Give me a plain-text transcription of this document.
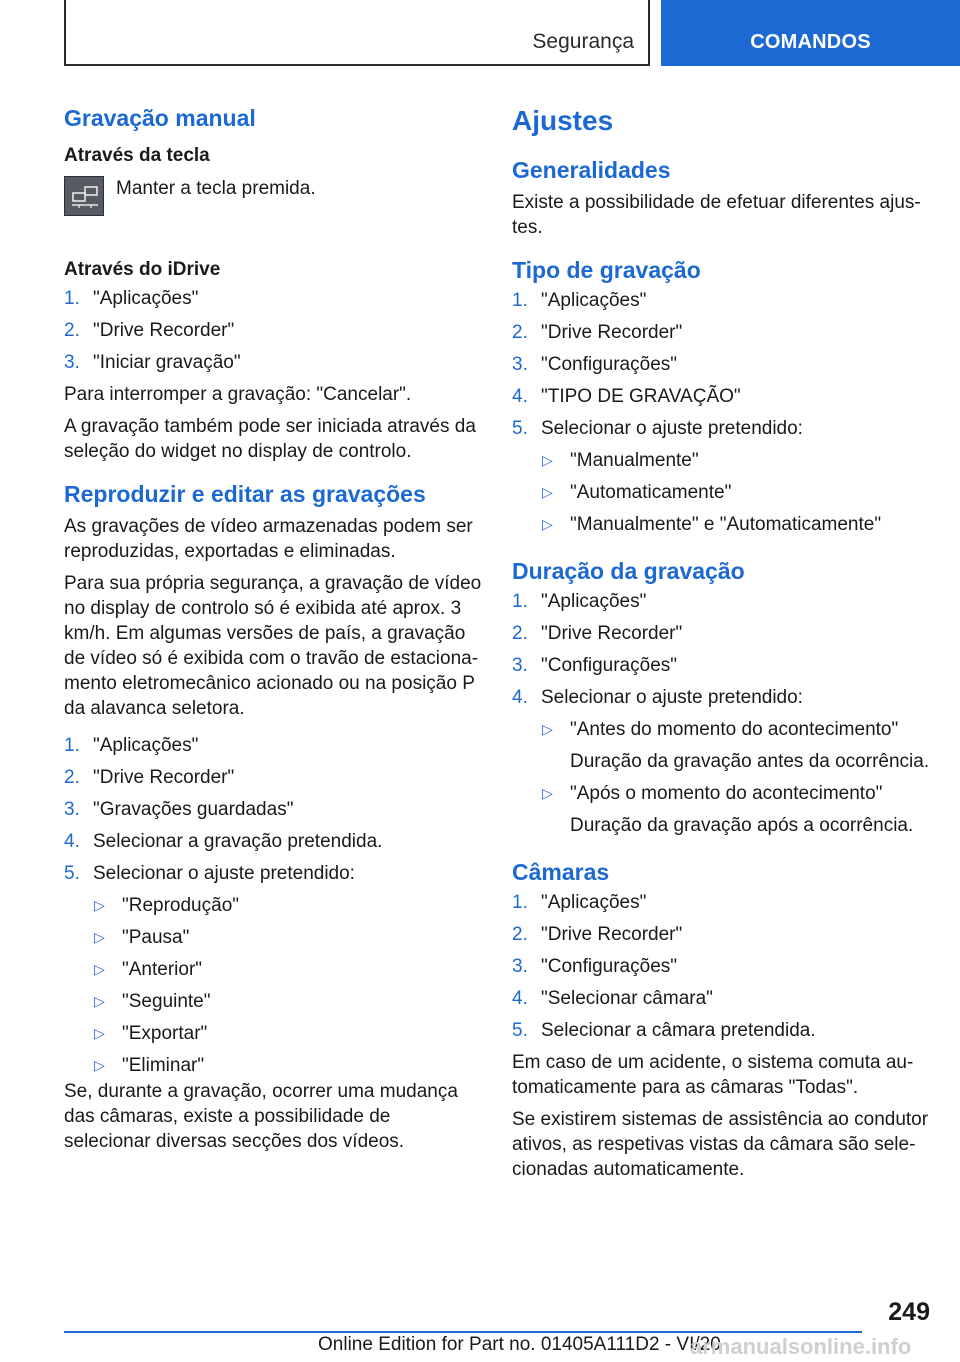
Segurança	COMANDOS
Gravação manual
Através da tecla
Manter a tecla premida.
Através do iDrive
1. "Aplicações"
2. "Drive Recorder"
3. "Iniciar gravação"

Para interromper a gravação: "Cancelar".

A gravação também pode ser iniciada através da seleção do widget no display de controlo.

Reproduzir e editar as gravações

As gravações de vídeo armazenadas podem ser reproduzidas, exportadas e eliminadas.

Para sua própria segurança, a gravação de vídeo no display de controlo só é exibida até aprox. 3 km/h. Em algumas versões de país, a gravação de vídeo só é exibida com o travão de estaciona‐mento eletromecânico acionado ou na posição P da alavanca seletora.

1. "Aplicações"
2. "Drive Recorder"
3. "Gravações guardadas"
4. Selecionar a gravação pretendida.
5. Selecionar o ajuste pretendido:
▷ "Reprodução"
▷ "Pausa"
▷ "Anterior"
▷ "Seguinte"
▷ "Exportar"
▷ "Eliminar"

Se, durante a gravação, ocorrer uma mudança das câmaras, existe a possibilidade de selecionar diversas secções dos vídeos.

Ajustes
Generalidades

Existe a possibilidade de efetuar diferentes ajus‐tes.

Tipo de gravação
1. "Aplicações"
2. "Drive Recorder"
3. "Configurações"
4. "TIPO DE GRAVAÇÃO"
5. Selecionar o ajuste pretendido:
▷ "Manualmente"
▷ "Automaticamente"
▷ "Manualmente" e "Automaticamente"
Duração da gravação
1. "Aplicações"
2. "Drive Recorder"
3. "Configurações"
4. Selecionar o ajuste pretendido:
▷ "Antes do momento do acontecimento"
Duração da gravação antes da ocorrência.
▷ "Após o momento do acontecimento"
Duração da gravação após a ocorrência.
Câmaras
1. "Aplicações"
2. "Drive Recorder"
3. "Configurações"
4. "Selecionar câmara"
5. Selecionar a câmara pretendida.

Em caso de um acidente, o sistema comuta au‐tomaticamente para as câmaras "Todas".

Se existirem sistemas de assistência ao condutor ativos, as respetivas vistas da câmara são sele‐cionadas automaticamente.

249
Online Edition for Part no. 01405A111D2 - VI/20
armanualsonline.info
